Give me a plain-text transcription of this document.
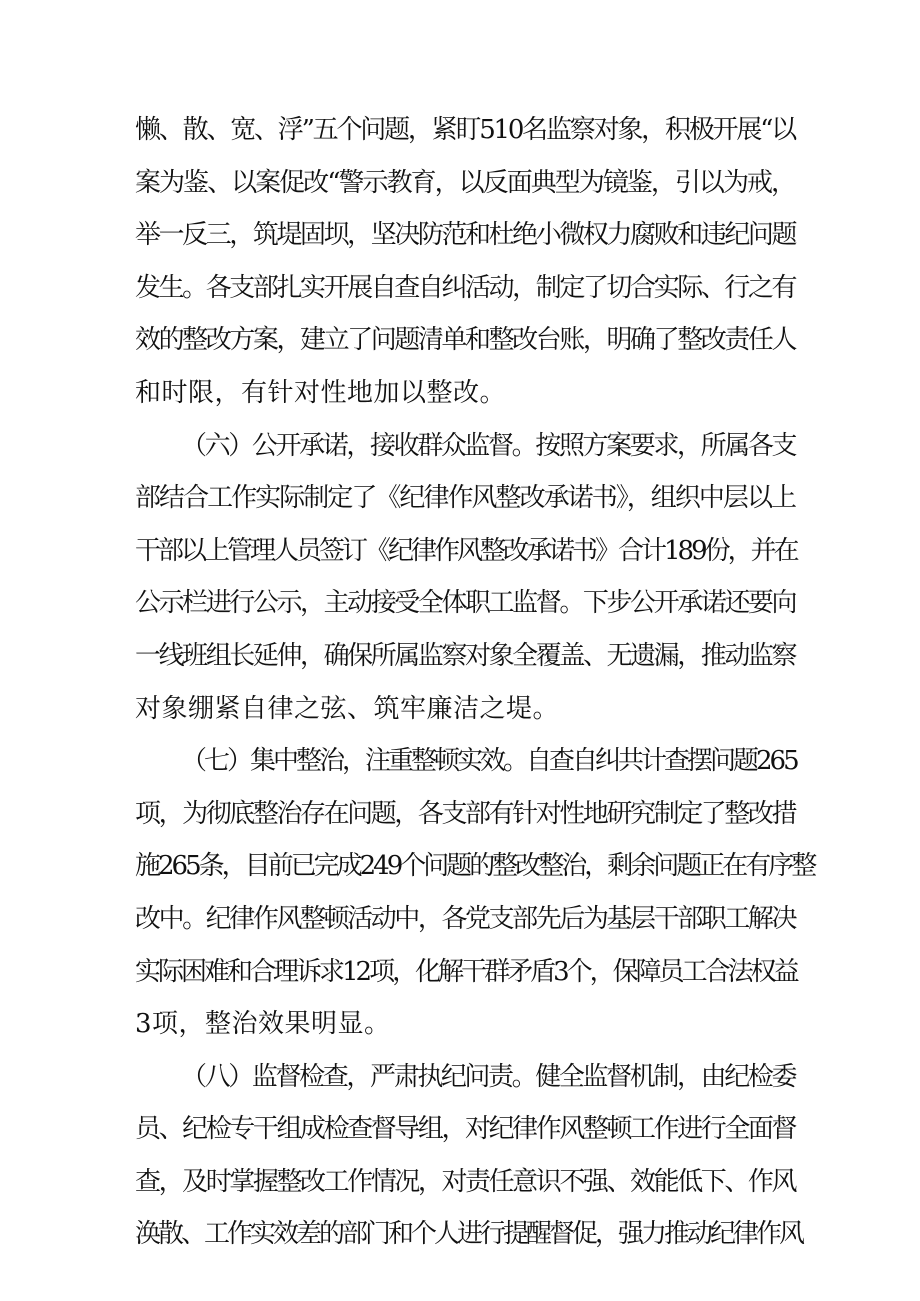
懒、散、宽、浮”五个问题，紧盯510名监察对象，积极开展“以
案为鉴、以案促改“警示教育，以反面典型为镜鉴，引以为戒，
举一反三，筑堤固坝，坚决防范和杜绝小微权力腐败和违纪问题
发生。各支部扎实开展自查自纠活动，制定了切合实际、行之有
效的整改方案，建立了问题清单和整改台账，明确了整改责任人
和时限，有针对性地加以整改。
（六）公开承诺，接收群众监督。按照方案要求，所属各支
部结合工作实际制定了《纪律作风整改承诺书》，组织中层以上
干部以上管理人员签订《纪律作风整改承诺书》合计189份，并在
公示栏进行公示，主动接受全体职工监督。下步公开承诺还要向
一线班组长延伸，确保所属监察对象全覆盖、无遗漏，推动监察
对象绷紧自律之弦、筑牢廉洁之堤。
（七）集中整治，注重整顿实效。自查自纠共计查摆问题265
项，为彻底整治存在问题，各支部有针对性地研究制定了整改措
施265条，目前已完成249个问题的整改整治，剩余问题正在有序整
改中。纪律作风整顿活动中，各党支部先后为基层干部职工解决
实际困难和合理诉求12项，化解干群矛盾3个，保障员工合法权益
3项，整治效果明显。
（八）监督检查，严肃执纪问责。健全监督机制，由纪检委
员、纪检专干组成检查督导组，对纪律作风整顿工作进行全面督
查，及时掌握整改工作情况，对责任意识不强、效能低下、作风
涣散、工作实效差的部门和个人进行提醒督促，强力推动纪律作风
